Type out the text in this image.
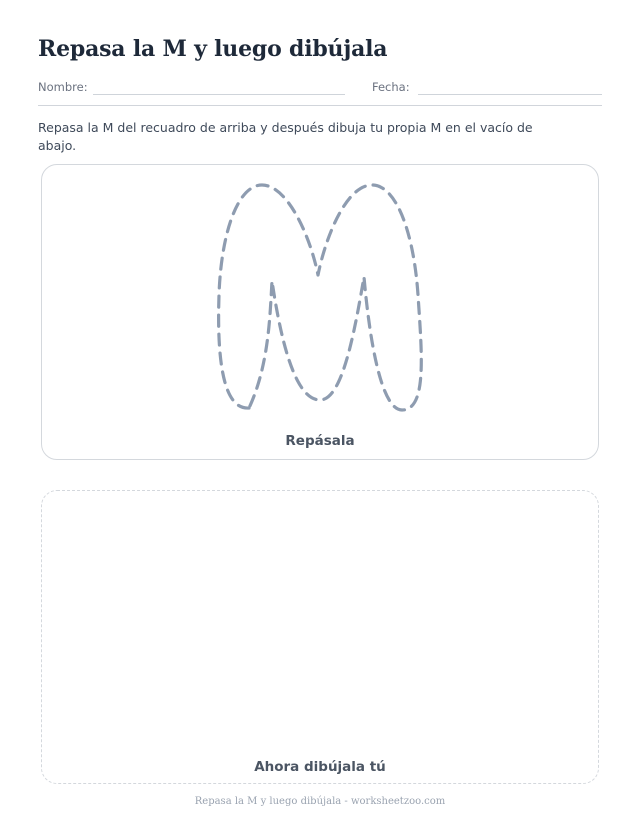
Repasa la M y luego dibújala
Nombre:	Fecha:
Repasa la M del recuadro de arriba y después dibuja tu propia M en el vacío de abajo.
Repásala
Ahora dibújala tú
Repasa la M y luego dibújala - worksheetzoo.com
